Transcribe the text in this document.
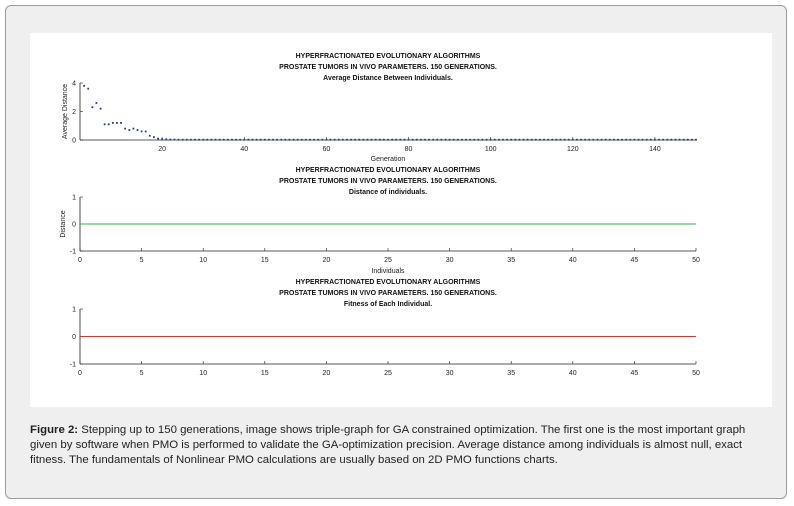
HYPERFRACTIONATED EVOLUTIONARY ALGORITHMS
PROSTATE TUMORS IN VIVO PARAMETERS. 150 GENERATIONS.
Average Distance Between Individuals.
20	40	60	80	100	120	140
0
2
4
Generation
Average Distance
HYPERFRACTIONATED EVOLUTIONARY ALGORITHMS
PROSTATE TUMORS IN VIVO PARAMETERS. 150 GENERATIONS.
Distance of individuals.
0	5	10	15	20	25	30	35	40	45	50
-1
0
1
Individuals
Distance
HYPERFRACTIONATED EVOLUTIONARY ALGORITHMS
PROSTATE TUMORS IN VIVO PARAMETERS. 150 GENERATIONS.
Fitness of Each Individual.
0	5	10	15	20	25	30	35	40	45	50
-1
0
1
Figure 2: Stepping up to 150 generations, image shows triple-graph for GA constrained optimization. The first one is the most important graph given by software when PMO is performed to validate the GA-optimization precision. Average distance among individuals is almost null, exact fitness. The fundamentals of Nonlinear PMO calculations are usually based on 2D PMO functions charts.
